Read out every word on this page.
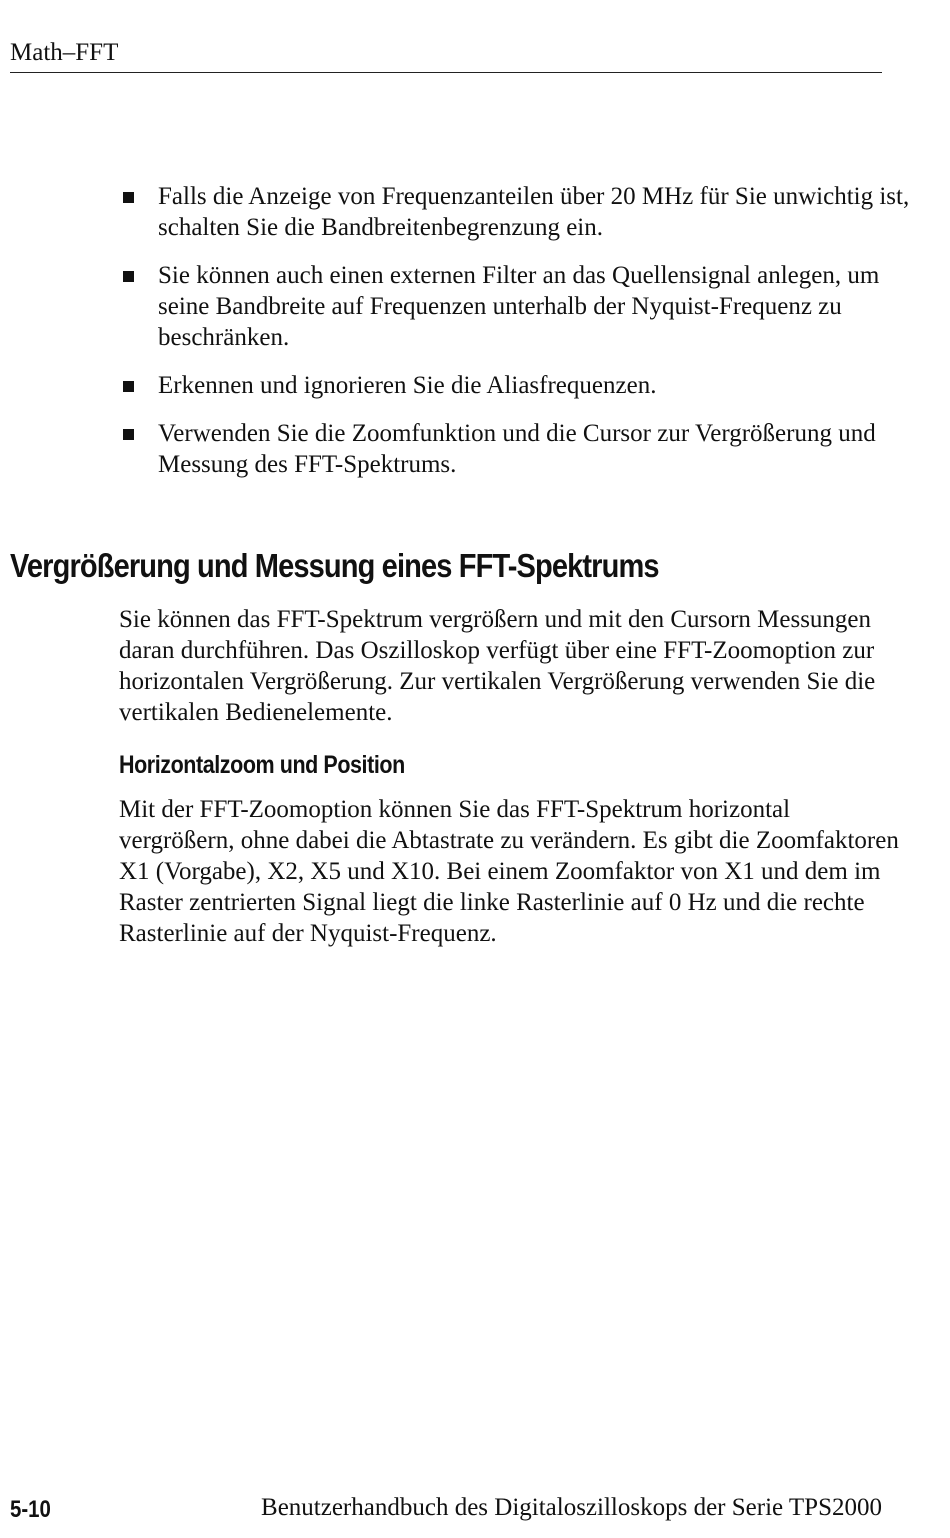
Math–FFT
Falls die Anzeige von Frequenzanteilen über 20 MHz für Sie unwichtig ist, schalten Sie die Bandbreitenbegrenzung ein.
Sie können auch einen externen Filter an das Quellensignal anlegen, um seine Bandbreite auf Frequenzen unterhalb der Nyquist-Frequenz zu beschränken.
Erkennen und ignorieren Sie die Aliasfrequenzen.
Verwenden Sie die Zoomfunktion und die Cursor zur Vergrößerung und Messung des FFT-Spektrums.
Vergrößerung und Messung eines FFT-Spektrums

Sie können das FFT-Spektrum vergrößern und mit den Cursorn Messungen daran durchführen. Das Oszilloskop verfügt über eine FFT-Zoomoption zur horizontalen Vergrößerung. Zur vertikalen Vergrößerung verwenden Sie die vertikalen Bedienelemente.

Horizontalzoom und Position

Mit der FFT-Zoomoption können Sie das FFT-Spektrum horizontal vergrößern, ohne dabei die Abtastrate zu verändern. Es gibt die Zoomfaktoren X1 (Vorgabe), X2, X5 und X10. Bei einem Zoomfaktor von X1 und dem im Raster zentrierten Signal liegt die linke Rasterlinie auf 0 Hz und die rechte Rasterlinie auf der Nyquist-Frequenz.

5-10	Benutzerhandbuch des Digitaloszilloskops der Serie TPS2000
